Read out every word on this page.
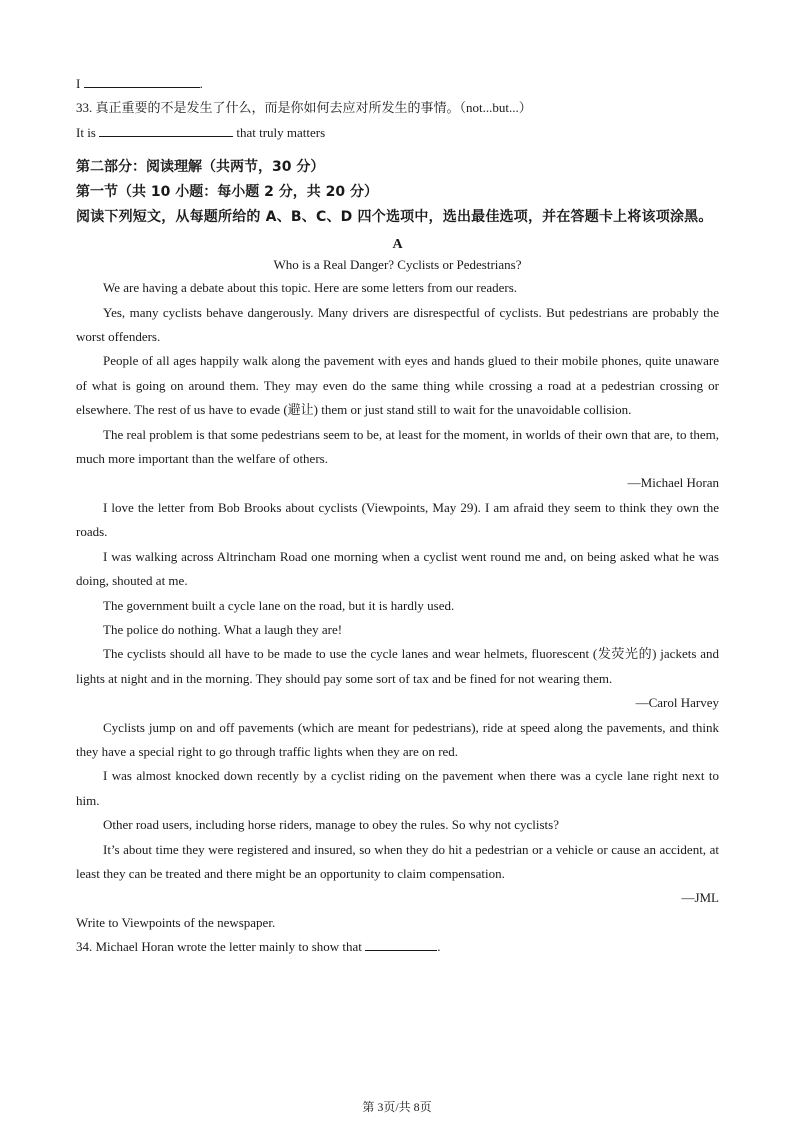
I	.

33. 真正重要的不是发生了什么，而是你如何去应对所发生的事情。（not...but...）

It is	that truly matters

第二部分：阅读理解（共两节，30 分）

第一节（共 10 小题：每小题 2 分，共 20 分）

阅读下列短文，从每题所给的 A、B、C、D 四个选项中，选出最佳选项，并在答题卡上将该项涂黑。

A

Who is a Real Danger? Cyclists or Pedestrians?

We are having a debate about this topic. Here are some letters from our readers.

Yes, many cyclists behave dangerously. Many drivers are disrespectful of cyclists. But pedestrians are probably the worst offenders.

People of all ages happily walk along the pavement with eyes and hands glued to their mobile phones, quite unaware of what is going on around them. They may even do the same thing while crossing a road at a pedestrian crossing or elsewhere. The rest of us have to evade (避让) them or just stand still to wait for the unavoidable collision.

The real problem is that some pedestrians seem to be, at least for the moment, in worlds of their own that are, to them, much more important than the welfare of others.

—Michael Horan

I love the letter from Bob Brooks about cyclists (Viewpoints, May 29). I am afraid they seem to think they own the roads.

I was walking across Altrincham Road one morning when a cyclist went round me and, on being asked what he was doing, shouted at me.

The government built a cycle lane on the road, but it is hardly used.

The police do nothing. What a laugh they are!

The cyclists should all have to be made to use the cycle lanes and wear helmets, fluorescent (发荧光的) jackets and lights at night and in the morning. They should pay some sort of tax and be fined for not wearing them.

—Carol Harvey

Cyclists jump on and off pavements (which are meant for pedestrians), ride at speed along the pavements, and think they have a special right to go through traffic lights when they are on red.

I was almost knocked down recently by a cyclist riding on the pavement when there was a cycle lane right next to him.

Other road users, including horse riders, manage to obey the rules. So why not cyclists?

It’s about time they were registered and insured, so when they do hit a pedestrian or a vehicle or cause an accident, at least they can be treated and there might be an opportunity to claim compensation.

—JML

Write to Viewpoints of the newspaper.

34. Michael Horan wrote the letter mainly to show that	.

第 3页/共 8页
